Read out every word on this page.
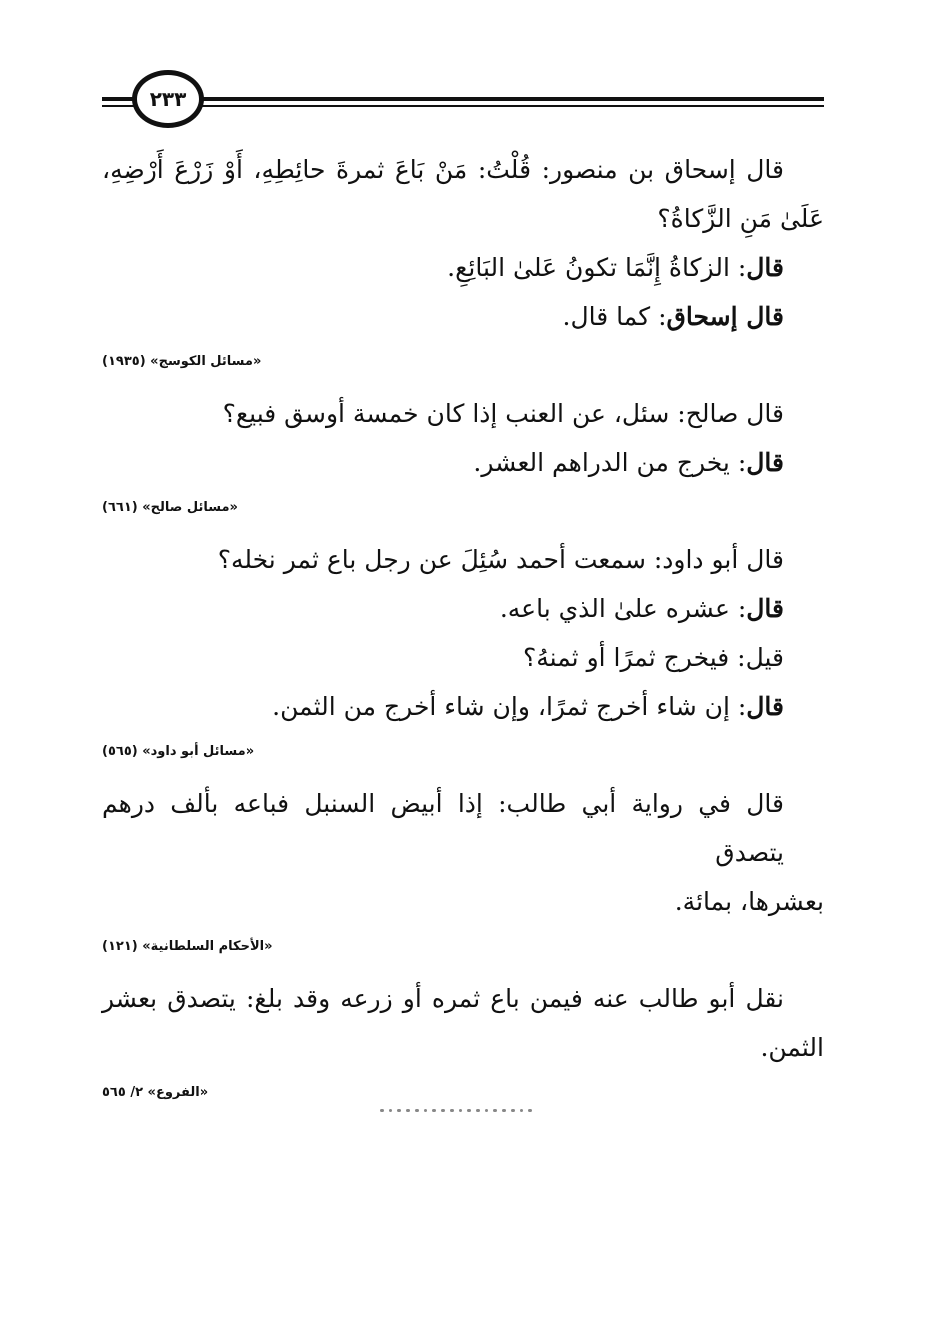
٢٣٣
قال إسحاق بن منصور: قُلْتُ: مَنْ بَاعَ ثمرةَ حائِطِهِ، أَوْ زَرْعَ أَرْضِهِ،
عَلَىٰ مَنِ الزَّكاةُ؟
قال: الزكاةُ إِنَّمَا تكونُ عَلىٰ البَائِعِ.
قال إسحاق: كما قال.
«مسائل الكوسج» (١٩٣٥)
قال صالح: سئل، عن العنب إذا كان خمسة أوسق فبيع؟
قال: يخرج من الدراهم العشر.
«مسائل صالح» (٦٦١)
قال أبو داود: سمعت أحمد سُئِلَ عن رجل باع ثمر نخله؟
قال: عشره علىٰ الذي باعه.
قيل: فيخرج ثمرًا أو ثمنهُ؟
قال: إن شاء أخرج ثمرًا، وإن شاء أخرج من الثمن.
«مسائل أبو داود» (٥٦٥)
قال في رواية أبي طالب: إذا أبيض السنبل فباعه بألف درهم يتصدق
بعشرها، بمائة.
«الأحكام السلطانية» (١٢١)
نقل أبو طالب عنه فيمن باع ثمره أو زرعه وقد بلغ: يتصدق بعشر
الثمن.
«الفروع» ٢/ ٥٦٥
